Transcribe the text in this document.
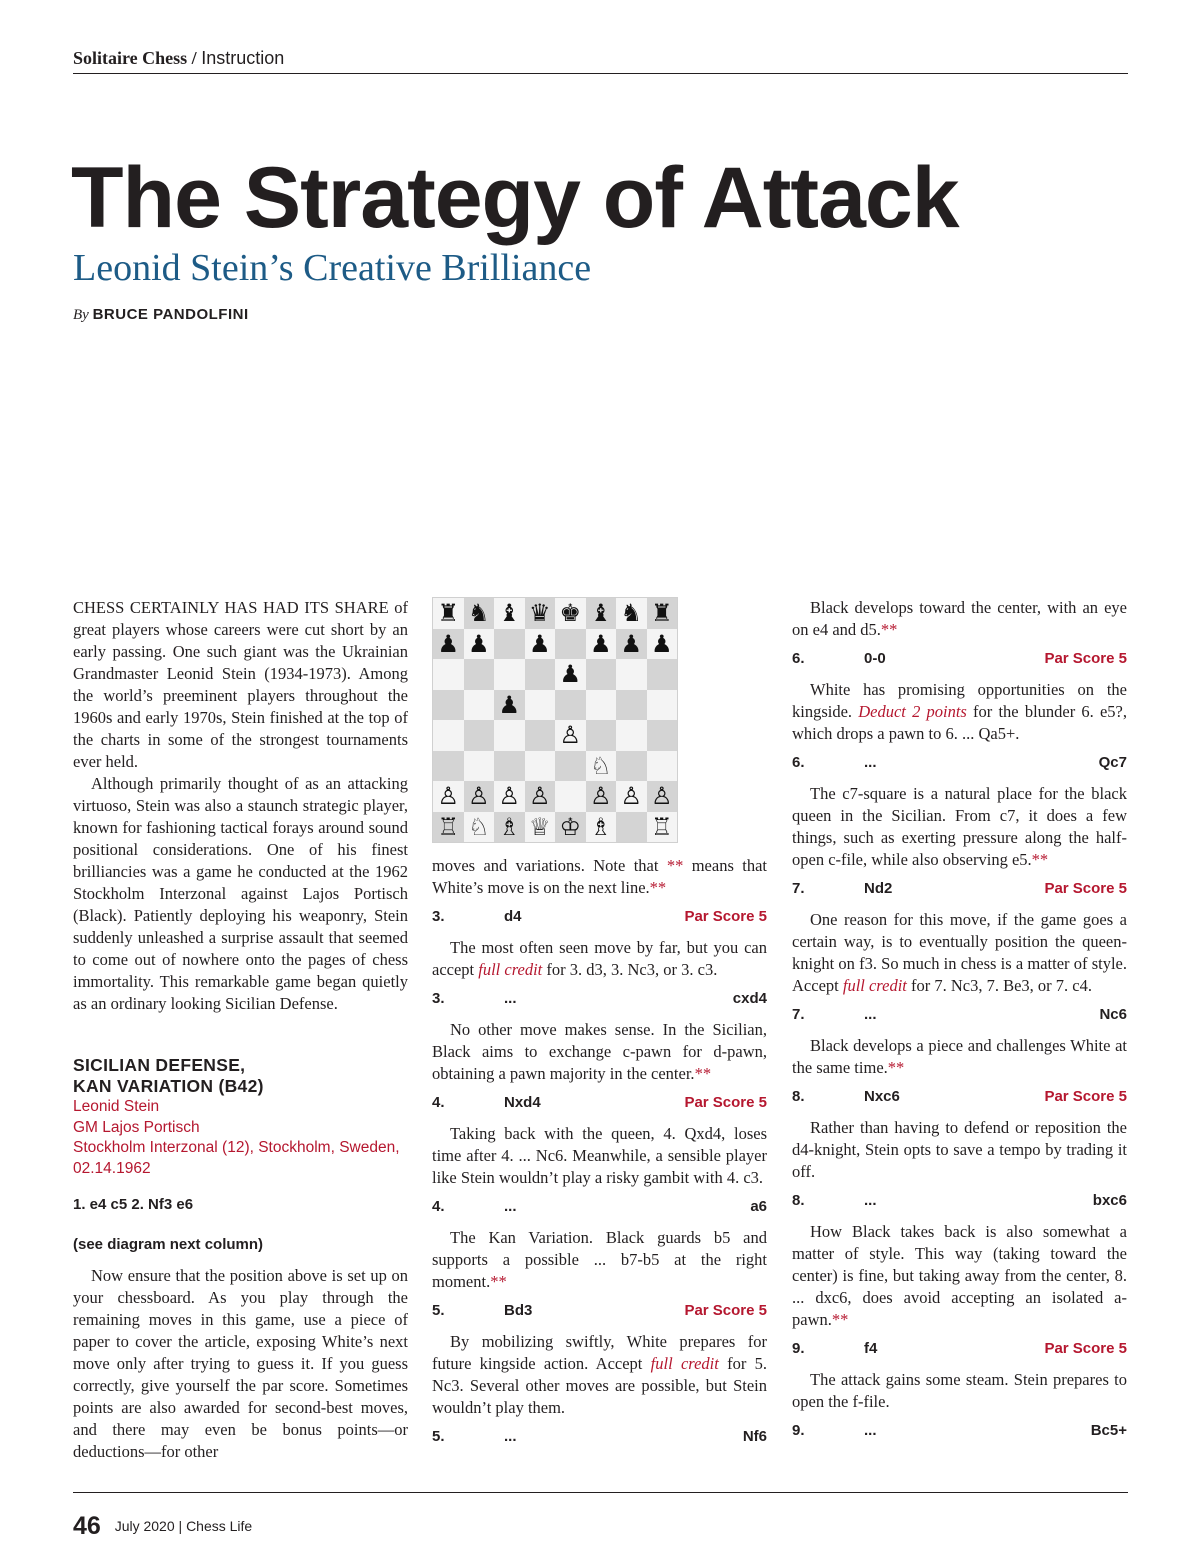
Solitaire Chess / Instruction
The Strategy of Attack
Leonid Stein’s Creative Brilliance
By BRUCE PANDOLFINI

CHESS CERTAINLY HAS HAD ITS SHARE of great players whose careers were cut short by an early passing. One such giant was the Ukrainian Grandmaster Leonid Stein (1934-1973). Among the world’s preeminent players throughout the 1960s and early 1970s, Stein finished at the top of the charts in some of the strongest tournaments ever held.

Although primarily thought of as an attacking virtuoso, Stein was also a staunch strategic player, known for fashioning tactical forays around sound positional considerations. One of his finest brilliancies was a game he conducted at the 1962 Stockholm Interzonal against Lajos Portisch (Black). Patiently deploying his weaponry, Stein suddenly unleashed a surprise assault that seemed to come out of nowhere onto the pages of chess immortality. This remarkable game began quietly as an ordinary looking Sicilian Defense.

SICILIAN DEFENSE,
KAN VARIATION (B42)
Leonid Stein
GM Lajos Portisch
Stockholm Interzonal (12), Stockholm, Sweden, 02.14.1962
1. e4 c5 2. Nf3 e6
(see diagram next column)

Now ensure that the position above is set up on your chessboard. As you play through the remaining moves in this game, use a piece of paper to cover the article, exposing White’s next move only after trying to guess it. If you guess correctly, give yourself the par score. Sometimes points are also awarded for second-best moves, and there may even be bonus points—or deductions—for other

♜ ♞ ♝ ♛ ♚ ♝ ♞ ♜
♟ ♟ ♟ ♟ ♟ ♟
♟
♟
♙
♘
♙ ♙ ♙ ♙ ♙ ♙ ♙
♖ ♘ ♗ ♕ ♔ ♗ ♖

moves and variations. Note that ** means that White’s move is on the next line.**

3.	d4	Par Score 5

The most often seen move by far, but you can accept full credit for 3. d3, 3. Nc3, or 3. c3.

3.	...	cxd4

No other move makes sense. In the Sicilian, Black aims to exchange c-pawn for d-pawn, obtaining a pawn majority in the center.**

4.	Nxd4	Par Score 5

Taking back with the queen, 4. Qxd4, loses time after 4. ... Nc6. Meanwhile, a sensible player like Stein wouldn’t play a risky gambit with 4. c3.

4.	...	a6

The Kan Variation. Black guards b5 and supports a possible ... b7-b5 at the right moment.**

5.	Bd3	Par Score 5

By mobilizing swiftly, White prepares for future kingside action. Accept full credit for 5. Nc3. Several other moves are possible, but Stein wouldn’t play them.

5.	...	Nf6

Black develops toward the center, with an eye on e4 and d5.**

6.	0-0	Par Score 5

White has promising opportunities on the kingside. Deduct 2 points for the blunder 6. e5?, which drops a pawn to 6. ... Qa5+.

6.	...	Qc7

The c7-square is a natural place for the black queen in the Sicilian. From c7, it does a few things, such as exerting pressure along the half-open c-file, while also observing e5.**

7.	Nd2	Par Score 5

One reason for this move, if the game goes a certain way, is to eventually position the queen-knight on f3. So much in chess is a matter of style. Accept full credit for 7. Nc3, 7. Be3, or 7. c4.

7.	...	Nc6

Black develops a piece and challenges White at the same time.**

8.	Nxc6	Par Score 5

Rather than having to defend or reposition the d4-knight, Stein opts to save a tempo by trading it off.

8.	...	bxc6

How Black takes back is also somewhat a matter of style. This way (taking toward the center) is fine, but taking away from the center, 8. ... dxc6, does avoid accepting an isolated a-pawn.**

9.	f4	Par Score 5

The attack gains some steam. Stein prepares to open the f-file.

9.	...	Bc5+
46 July 2020 | Chess Life
